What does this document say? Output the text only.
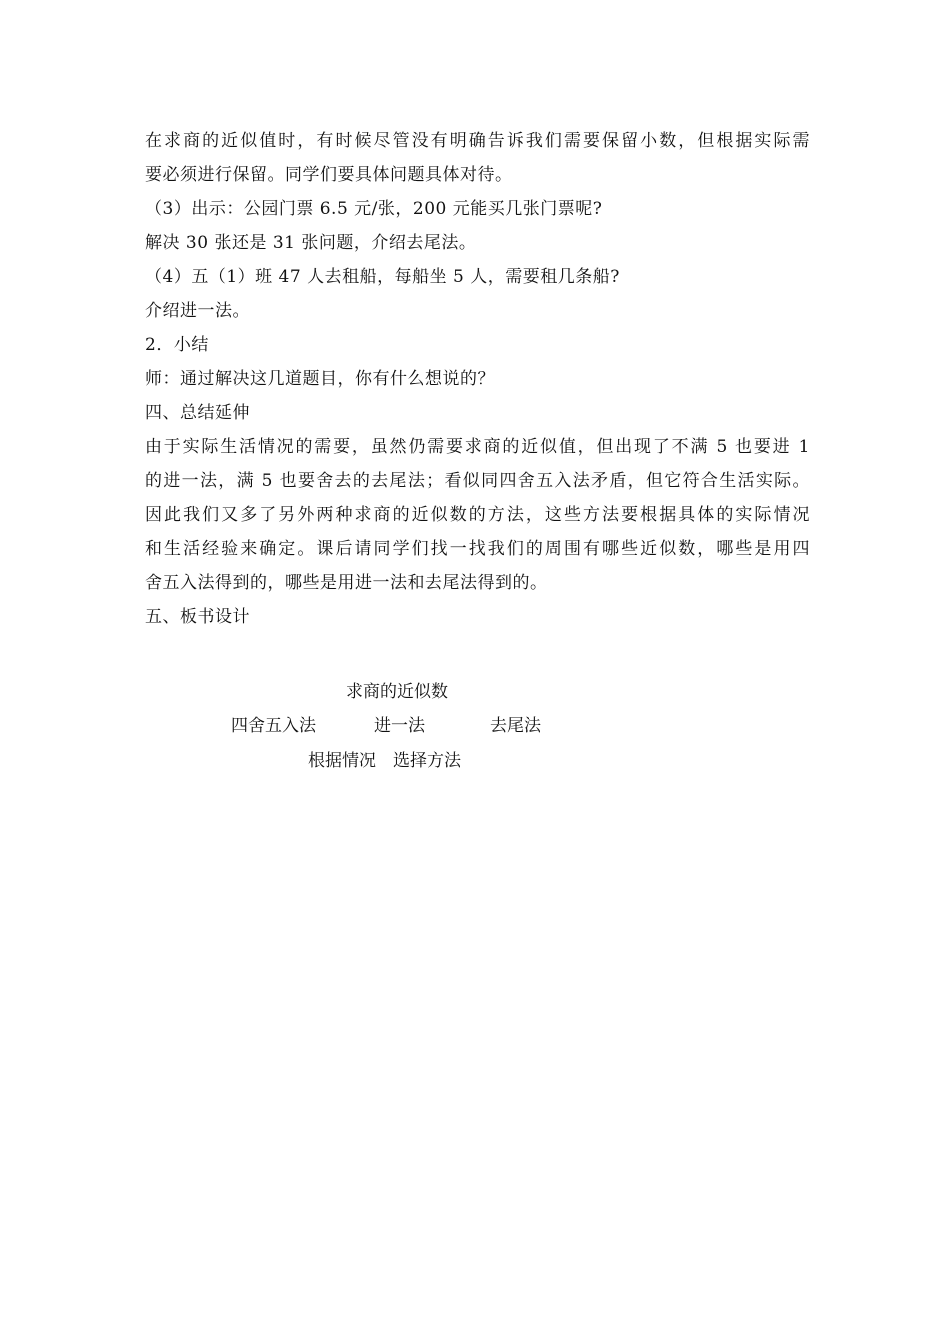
在求商的近似值时，有时候尽管没有明确告诉我们需要保留小数，但根据实际需
要必须进行保留。同学们要具体问题具体对待。
（3）出示：公园门票 6.5 元/张，200 元能买几张门票呢?
解决 30 张还是 31 张问题，介绍去尾法。
（4）五（1）班 47 人去租船，每船坐 5 人，需要租几条船?
介绍进一法。
2．小结
师：通过解决这几道题目，你有什么想说的？
四、总结延伸
由于实际生活情况的需要，虽然仍需要求商的近似值，但出现了不满 5 也要进 1
的进一法，满 5 也要舍去的去尾法；看似同四舍五入法矛盾，但它符合生活实际。
因此我们又多了另外两种求商的近似数的方法，这些方法要根据具体的实际情况
和生活经验来确定。课后请同学们找一找我们的周围有哪些近似数，哪些是用四
舍五入法得到的，哪些是用进一法和去尾法得到的。
五、板书设计
求商的近似数
四舍五入法	进一法	去尾法
根据情况　选择方法
